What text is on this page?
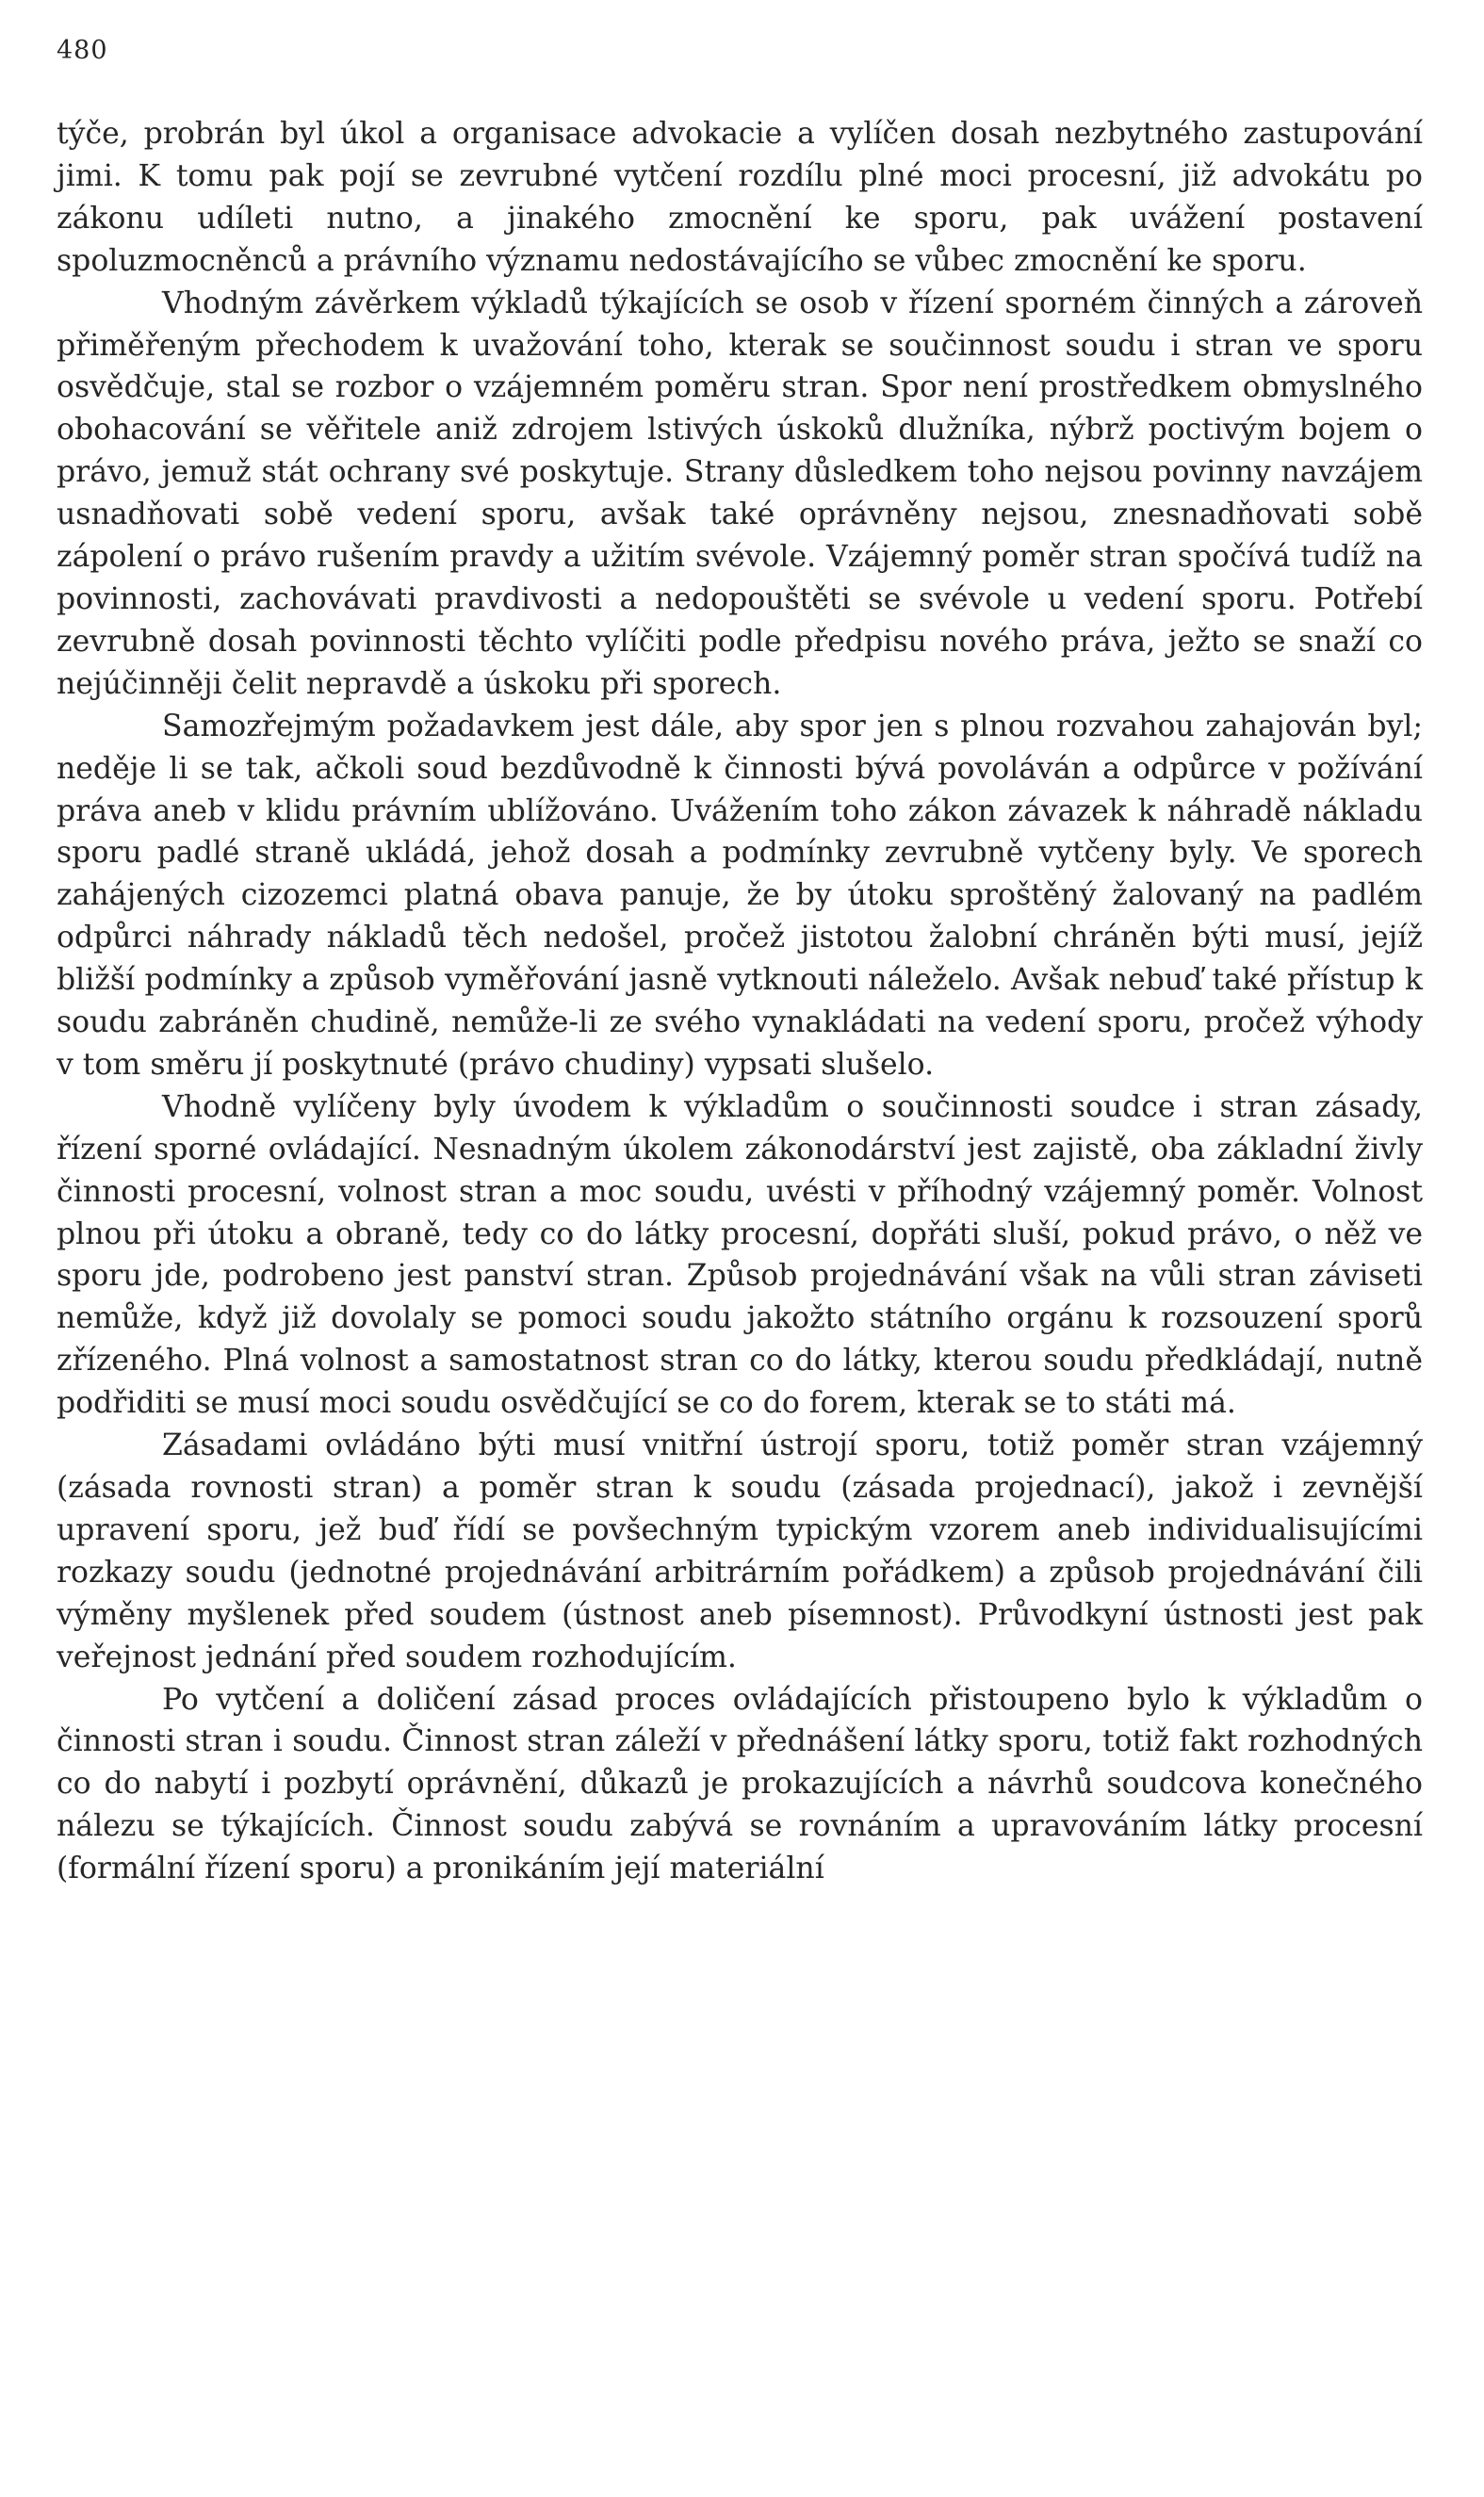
480

týče, probrán byl úkol a organisace advokacie a vylíčen dosah nezbytného zastupování jimi. K tomu pak pojí se zevrubné vytčení rozdílu plné moci procesní, již advokátu po zákonu udíleti nutno, a jinakého zmocnění ke sporu, pak uvážení postavení spoluzmocněnců a právního významu nedostávajícího se vůbec zmocnění ke sporu.

Vhodným závěrkem výkladů týkajících se osob v řízení sporném činných a zároveň přiměřeným přechodem k uvažování toho, kterak se součinnost soudu i stran ve sporu osvědčuje, stal se rozbor o vzájemném poměru stran. Spor není prostředkem obmyslného obohacování se věřitele aniž zdrojem lstivých úskoků dlužníka, nýbrž poctivým bojem o právo, jemuž stát ochrany své poskytuje. Strany důsledkem toho nejsou povinny navzájem usnadňovati sobě vedení sporu, avšak také oprávněny nejsou, znesnadňovati sobě zápolení o právo rušením pravdy a užitím svévole. Vzájemný poměr stran spočívá tudíž na povinnosti, zachovávati pravdivosti a nedopouštěti se svévole u vedení sporu. Potřebí zevrubně dosah povinnosti těchto vylíčiti podle předpisu nového práva, ježto se snaží co nejúčinněji čelit nepravdě a úskoku při sporech.

Samozřejmým požadavkem jest dále, aby spor jen s plnou rozvahou zahajován byl; neděje li se tak, ačkoli soud bezdůvodně k činnosti bývá povoláván a odpůrce v požívání práva aneb v klidu právním ublížováno. Uvážením toho zákon závazek k náhradě nákladu sporu padlé straně ukládá, jehož dosah a podmínky zevrubně vytčeny byly. Ve sporech zahájených cizozemci platná obava panuje, že by útoku sproštěný žalovaný na padlém odpůrci náhrady nákladů těch nedošel, pročež jistotou žalobní chráněn býti musí, jejíž bližší podmínky a způsob vyměřování jasně vytknouti náleželo. Avšak nebuď také přístup k soudu zabráněn chudině, nemůže-li ze svého vynakládati na vedení sporu, pročež výhody v tom směru jí poskytnuté (právo chudiny) vypsati slušelo.

Vhodně vylíčeny byly úvodem k výkladům o součinnosti soudce i stran zásady, řízení sporné ovládající. Nesnadným úkolem zákonodárství jest zajistě, oba základní živly činnosti procesní, volnost stran a moc soudu, uvésti v příhodný vzájemný poměr. Volnost plnou při útoku a obraně, tedy co do látky procesní, dopřáti sluší, pokud právo, o něž ve sporu jde, podrobeno jest panství stran. Způsob projednávání však na vůli stran záviseti nemůže, když již dovolaly se pomoci soudu jakožto státního orgánu k rozsouzení sporů zřízeného. Plná volnost a samostatnost stran co do látky, kterou soudu předkládají, nutně podřiditi se musí moci soudu osvědčující se co do forem, kterak se to státi má.

Zásadami ovládáno býti musí vnitřní ústrojí sporu, totiž poměr stran vzájemný (zásada rovnosti stran) a poměr stran k soudu (zásada projednací), jakož i zevnější upravení sporu, jež buď řídí se povšechným typickým vzorem aneb individualisujícími rozkazy soudu (jednotné projednávání arbitrárním pořádkem) a způsob projednávání čili výměny myšlenek před soudem (ústnost aneb písemnost). Průvodkyní ústnosti jest pak veřejnost jednání před soudem rozhodujícím.

Po vytčení a doličení zásad proces ovládajících přistoupeno bylo k výkladům o činnosti stran i soudu. Činnost stran záleží v přednášení látky sporu, totiž fakt rozhodných co do nabytí i pozbytí oprávnění, důkazů je prokazujících a návrhů soudcova konečného nálezu se týkajících. Činnost soudu zabývá se rovnáním a upravováním látky procesní (formální řízení sporu) a pronikáním její materiální
